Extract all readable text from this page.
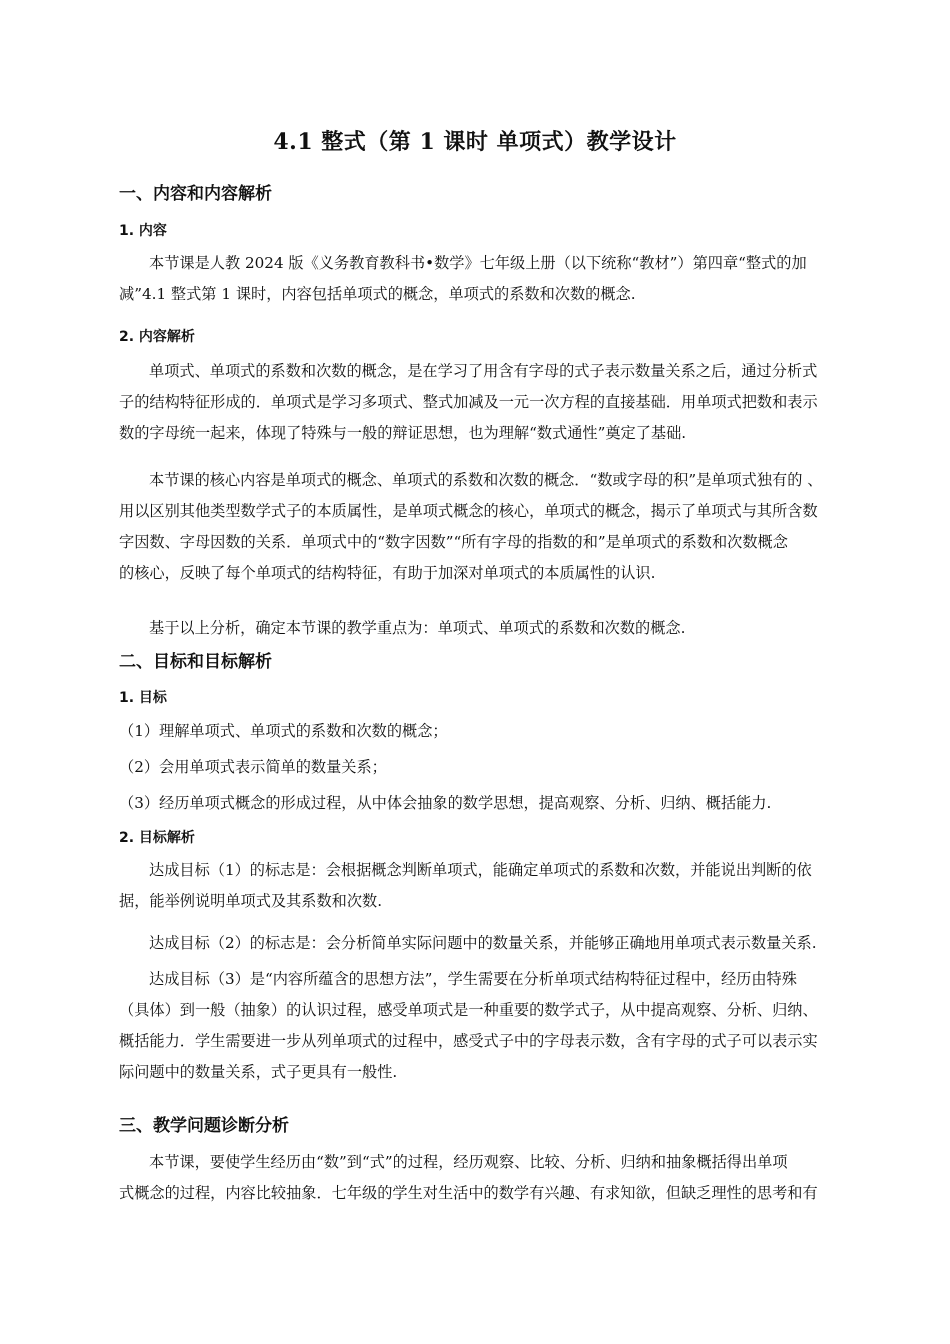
4.1 整式（第 1 课时 单项式）教学设计
一、内容和内容解析
1. 内容
本节课是人教 2024 版《义务教育教科书•数学》七年级上册（以下统称“教材”）第四章“整式的加
减”4.1 整式第 1 课时，内容包括单项式的概念，单项式的系数和次数的概念.
2. 内容解析
单项式、单项式的系数和次数的概念，是在学习了用含有字母的式子表示数量关系之后，通过分析式
子的结构特征形成的．单项式是学习多项式、整式加减及一元一次方程的直接基础．用单项式把数和表示
数的字母统一起来，体现了特殊与一般的辩证思想，也为理解“数式通性”奠定了基础.
本节课的核心内容是单项式的概念、单项式的系数和次数的概念．“数或字母的积”是单项式独有的 、
用以区别其他类型数学式子的本质属性，是单项式概念的核心，单项式的概念，揭示了单项式与其所含数
字因数、字母因数的关系．单项式中的“数字因数”“所有字母的指数的和”是单项式的系数和次数概念
的核心，反映了每个单项式的结构特征，有助于加深对单项式的本质属性的认识.
基于以上分析，确定本节课的教学重点为：单项式、单项式的系数和次数的概念.
二、目标和目标解析
1. 目标
（1）理解单项式、单项式的系数和次数的概念；
（2）会用单项式表示简单的数量关系；
（3）经历单项式概念的形成过程，从中体会抽象的数学思想，提高观察、分析、归纳、概括能力.
2. 目标解析
达成目标（1）的标志是：会根据概念判断单项式，能确定单项式的系数和次数，并能说出判断的依
据，能举例说明单项式及其系数和次数.
达成目标（2）的标志是：会分析简单实际问题中的数量关系，并能够正确地用单项式表示数量关系.
达成目标（3）是“内容所蕴含的思想方法”，学生需要在分析单项式结构特征过程中，经历由特殊
（具体）到一般（抽象）的认识过程，感受单项式是一种重要的数学式子，从中提高观察、分析、归纳、
概括能力．学生需要进一步从列单项式的过程中，感受式子中的字母表示数，含有字母的式子可以表示实
际问题中的数量关系，式子更具有一般性.
三、教学问题诊断分析
本节课，要使学生经历由“数”到“式”的过程，经历观察、比较、分析、归纳和抽象概括得出单项
式概念的过程，内容比较抽象．七年级的学生对生活中的数学有兴趣、有求知欲，但缺乏理性的思考和有
